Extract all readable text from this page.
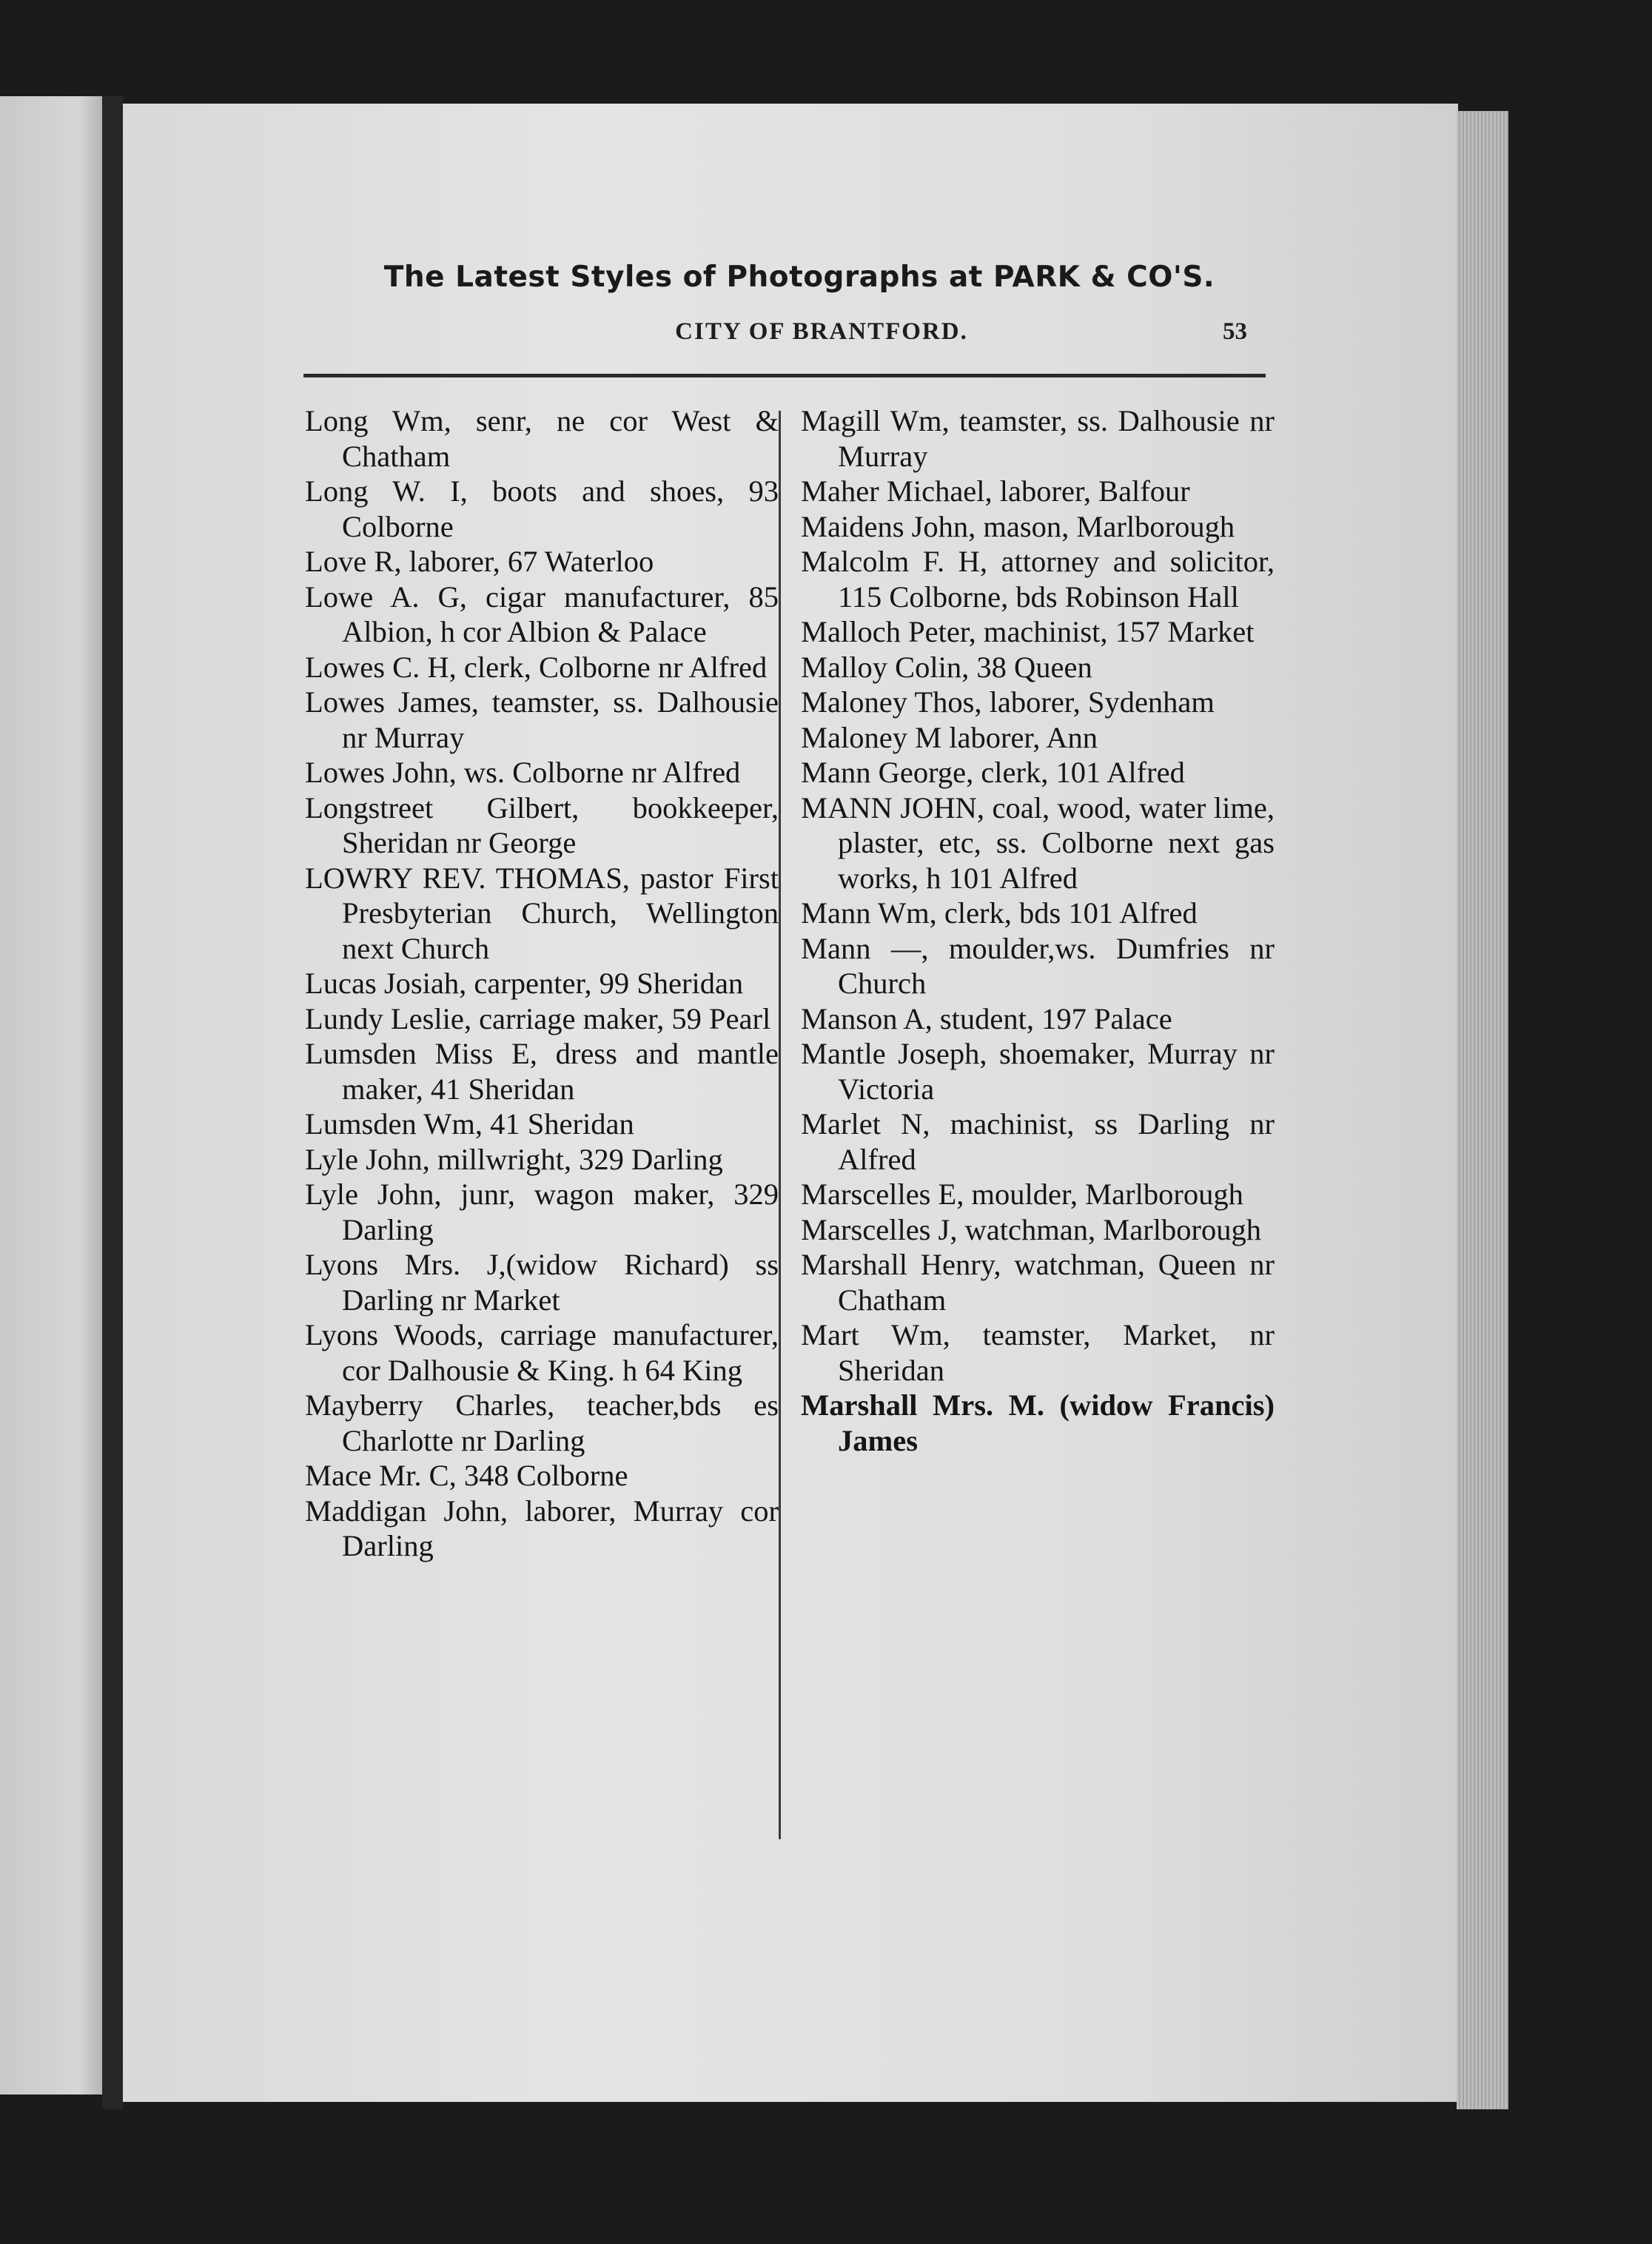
The Latest Styles of Photographs at PARK & CO'S.
CITY OF BRANTFORD.	53
Long Wm, senr, ne cor West & Chatham
Long W. I, boots and shoes, 93 Colborne
Love R, laborer, 67 Waterloo
Lowe A. G, cigar manufacturer, 85 Albion, h cor Albion & Palace
Lowes C. H, clerk, Colborne nr Alfred
Lowes James, teamster, ss. Dalhousie nr Murray
Lowes John, ws. Colborne nr Alfred
Longstreet Gilbert, bookkeeper, Sheridan nr George
LOWRY REV. THOMAS, pastor First Presbyterian Church, Wellington next Church
Lucas Josiah, carpenter, 99 Sheridan
Lundy Leslie, carriage maker, 59 Pearl
Lumsden Miss E, dress and mantle maker, 41 Sheridan
Lumsden Wm, 41 Sheridan
Lyle John, millwright, 329 Darling
Lyle John, junr, wagon maker, 329 Darling
Lyons Mrs. J,(widow Richard) ss Darling nr Market
Lyons Woods, carriage manufacturer, cor Dalhousie & King. h 64 King
Mayberry Charles, teacher,bds es Charlotte nr Darling
Mace Mr. C, 348 Colborne
Maddigan John, laborer, Murray cor Darling
Magill Wm, teamster, ss. Dalhousie nr Murray
Maher Michael, laborer, Balfour
Maidens John, mason, Marlborough
Malcolm F. H, attorney and solicitor, 115 Colborne, bds Robinson Hall
Malloch Peter, machinist, 157 Market
Malloy Colin, 38 Queen
Maloney Thos, laborer, Sydenham
Maloney M laborer, Ann
Mann George, clerk, 101 Alfred
MANN JOHN, coal, wood, water lime, plaster, etc, ss. Colborne next gas works, h 101 Alfred
Mann Wm, clerk, bds 101 Alfred
Mann —, moulder,ws. Dumfries nr Church
Manson A, student, 197 Palace
Mantle Joseph, shoemaker, Murray nr Victoria
Marlet N, machinist, ss Darling nr Alfred
Marscelles E, moulder, Marlborough
Marscelles J, watchman, Marlborough
Marshall Henry, watchman, Queen nr Chatham
Mart Wm, teamster, Market, nr Sheridan
Marshall Mrs. M. (widow Francis) James
